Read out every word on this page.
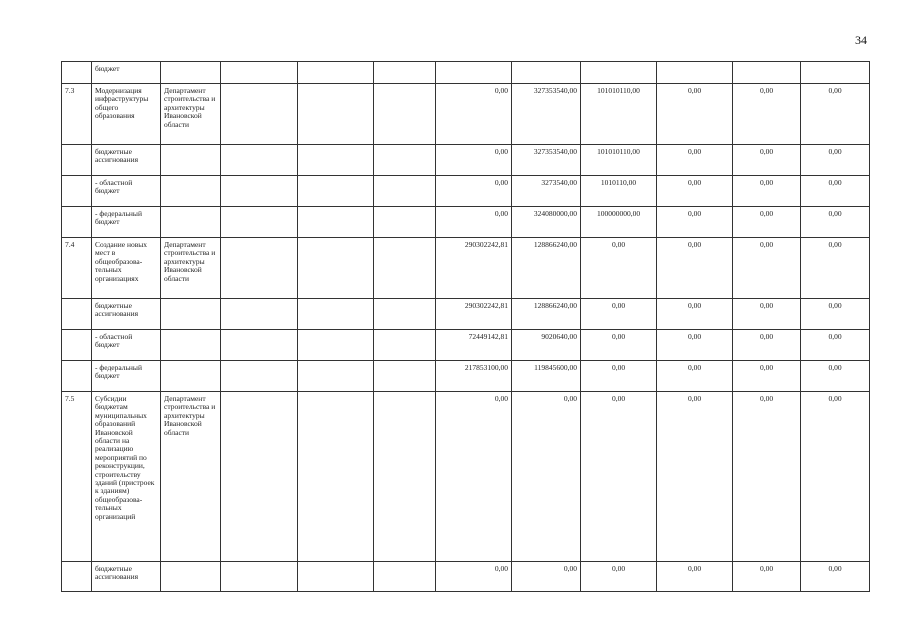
34
	бюджет										
7.3	Модернизация инфраструктуры общего образования	Департамент строительства и архитектуры Ивановской области				0,00	327353540,00	101010110,00	0,00	0,00	0,00
	бюджетные ассигнования					0,00	327353540,00	101010110,00	0,00	0,00	0,00
	- областной бюджет					0,00	3273540,00	1010110,00	0,00	0,00	0,00
	- федеральный бюджет					0,00	324080000,00	100000000,00	0,00	0,00	0,00
7.4	Создание новых мест в общеобразова-тельных организациях	Департамент строительства и архитектуры Ивановской области				290302242,81	128866240,00	0,00	0,00	0,00	0,00
	бюджетные ассигнования					290302242,81	128866240,00	0,00	0,00	0,00	0,00
	- областной бюджет					72449142,81	9020640,00	0,00	0,00	0,00	0,00
	- федеральный бюджет					217853100,00	119845600,00	0,00	0,00	0,00	0,00
7.5	Субсидии бюджетам муниципальных образований Ивановской области на реализацию мероприятий по реконструкции, строительству зданий (пристроек к зданиям) общеобразова-тельных организаций	Департамент строительства и архитектуры Ивановской области				0,00	0,00	0,00	0,00	0,00	0,00
	бюджетные ассигнования					0,00	0,00	0,00	0,00	0,00	0,00
